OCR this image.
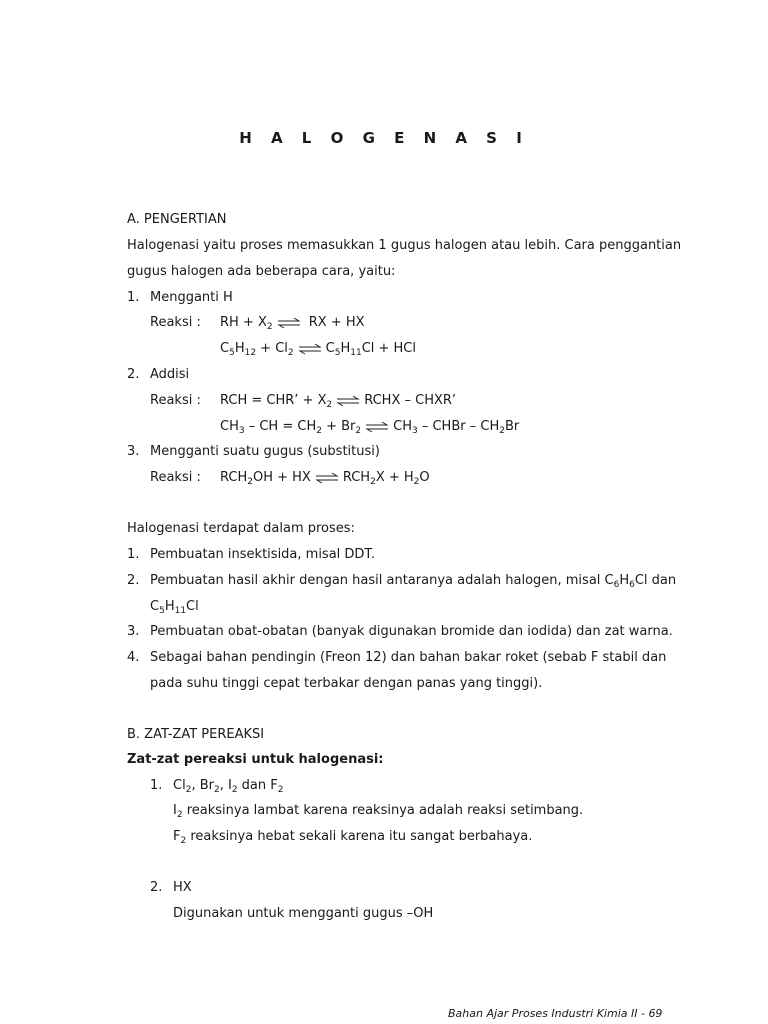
H A L O G E N A S I
A. PENGERTIAN
Halogenasi yaitu proses memasukkan 1 gugus halogen atau lebih. Cara penggantian
gugus halogen ada beberapa cara, yaitu:
1. Mengganti H
Reaksi : RH + $X_2$ ⇌ RX + HX
$C_5H_{12} + Cl_2$ ⇌ $C_5H_{11}Cl$ + HCl
2. Addisi
Reaksi : RCH = CHR’ + $X_2$ ⇌ RCHX – CHXR’
$CH_3$ – CH = $CH_2 + Br_2$ ⇌ $CH_3$ – CHBr – $CH_2Br$
3. Mengganti suatu gugus (substitusi)
Reaksi : $RCH_2OH$ + HX ⇌ $RCH_2X + H_2O$
Halogenasi terdapat dalam proses:
1. Pembuatan insektisida, misal DDT.
2. Pembuatan hasil akhir dengan hasil antaranya adalah halogen, misal $C_6H_6Cl$ dan
$C_5H_{11}Cl$
3. Pembuatan obat-obatan (banyak digunakan bromide dan iodida) dan zat warna.
4. Sebagai bahan pendingin (Freon 12) dan bahan bakar roket (sebab F stabil dan
pada suhu tinggi cepat terbakar dengan panas yang tinggi).
B. ZAT-ZAT PEREAKSI
Zat-zat pereaksi untuk halogenasi:
1. $Cl_2$, $Br_2$, $I_2$ dan $F_2$
$I_2$ reaksinya lambat karena reaksinya adalah reaksi setimbang.
$F_2$ reaksinya hebat sekali karena itu sangat berbahaya.
2. HX
Digunakan untuk mengganti gugus –OH
Bahan Ajar Proses Industri Kimia II - 69
